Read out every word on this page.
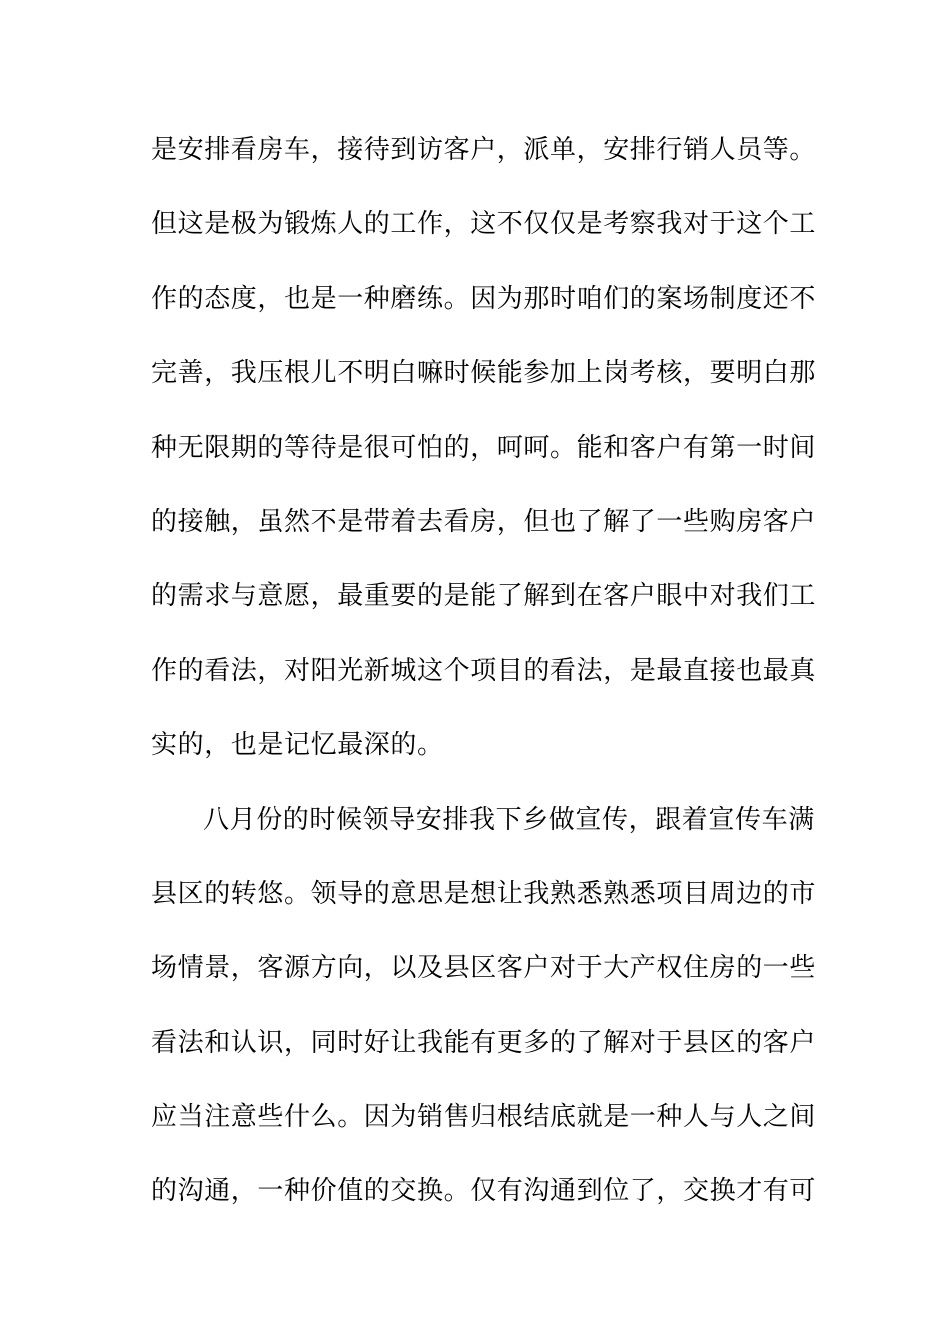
是安排看房车，接待到访客户，派单，安排行销人员等。
但这是极为锻炼人的工作，这不仅仅是考察我对于这个工
作的态度，也是一种磨练。因为那时咱们的案场制度还不
完善，我压根儿不明白嘛时候能参加上岗考核，要明白那
种无限期的等待是很可怕的，呵呵。能和客户有第一时间
的接触，虽然不是带着去看房，但也了解了一些购房客户
的需求与意愿，最重要的是能了解到在客户眼中对我们工
作的看法，对阳光新城这个项目的看法，是最直接也最真
实的，也是记忆最深的。
八月份的时候领导安排我下乡做宣传，跟着宣传车满
县区的转悠。领导的意思是想让我熟悉熟悉项目周边的市
场情景，客源方向，以及县区客户对于大产权住房的一些
看法和认识，同时好让我能有更多的了解对于县区的客户
应当注意些什么。因为销售归根结底就是一种人与人之间
的沟通，一种价值的交换。仅有沟通到位了，交换才有可
